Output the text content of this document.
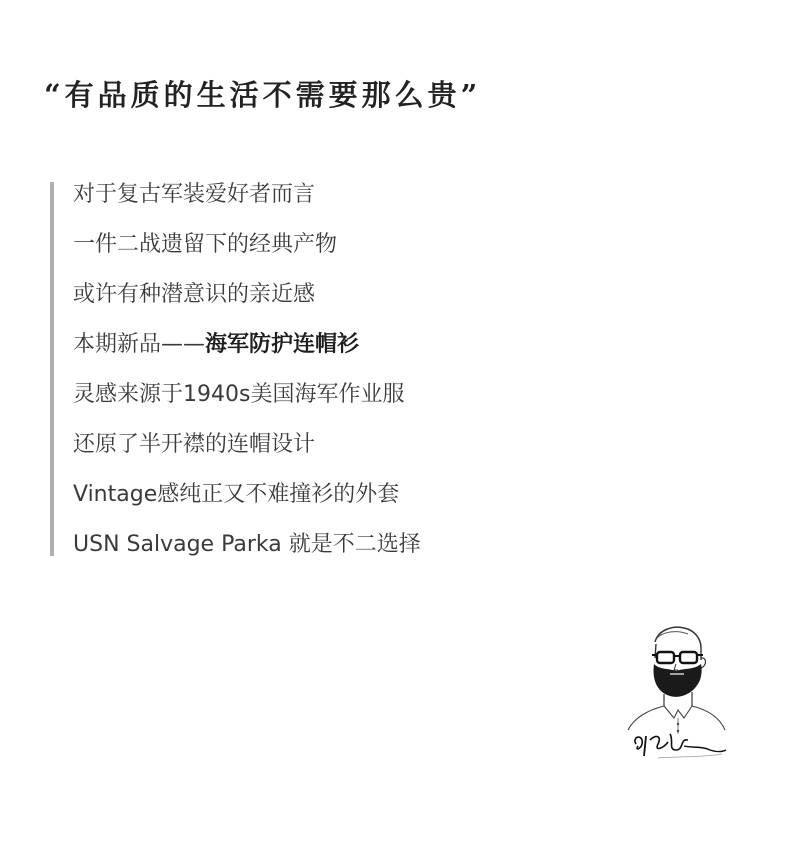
“有品质的生活不需要那么贵”
对于复古军装爱好者而言
一件二战遗留下的经典产物
或许有种潜意识的亲近感
本期新品——海军防护连帽衫
灵感来源于1940s美国海军作业服
还原了半开襟的连帽设计
Vintage感纯正又不难撞衫的外套
USN Salvage Parka 就是不二选择
